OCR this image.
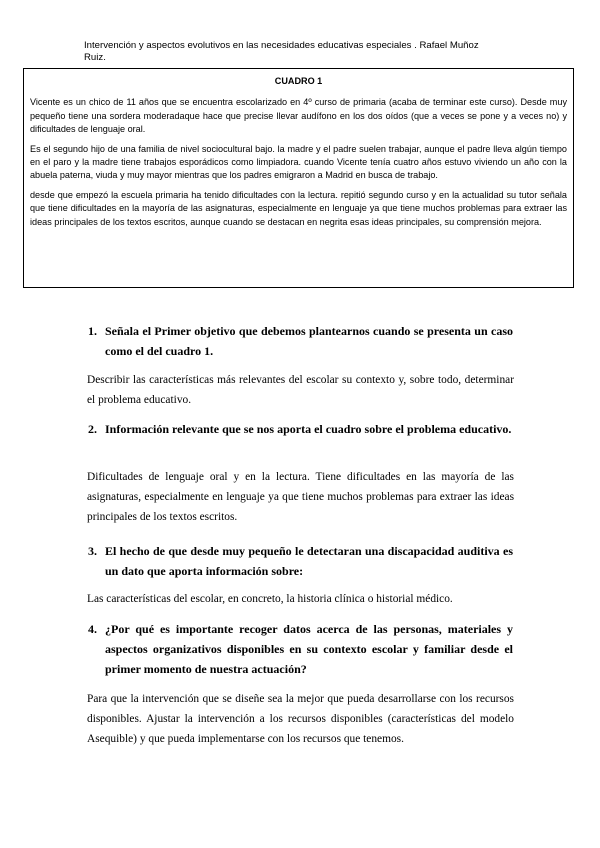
Intervención y aspectos evolutivos en las necesidades educativas especiales . Rafael Muñoz
Ruiz.
CUADRO 1

Vicente es un chico de 11 años que se encuentra escolarizado en 4º curso de primaria (acaba de terminar este curso). Desde muy pequeño tiene una sordera moderadaque hace que precise llevar audífono en los dos oídos (que a veces se pone y a veces no) y dificultades de lenguaje oral.

Es el segundo hijo de una familia de nivel sociocultural bajo. la madre y el padre suelen trabajar, aunque el padre lleva algún tiempo en el paro y la madre tiene trabajos esporádicos como limpiadora. cuando Vicente tenía cuatro años estuvo viviendo un año con la abuela paterna, viuda y muy mayor mientras que los padres emigraron a Madrid en busca de trabajo.

desde que empezó la escuela primaria ha tenido dificultades con la lectura. repitió segundo curso y en la actualidad su tutor señala que tiene dificultades en la mayoría de las asignaturas, especialmente en lenguaje ya que tiene muchos problemas para extraer las ideas principales de los textos escritos, aunque cuando se destacan en negrita esas ideas principales, su comprensión mejora.

1. Señala el Primer objetivo que debemos plantearnos cuando se presenta un caso como el del cuadro 1.
Describir las características más relevantes del escolar su contexto y, sobre todo, determinar el problema educativo.
2. Información relevante que se nos aporta el cuadro sobre el problema educativo.
Dificultades de lenguaje oral y en la lectura. Tiene dificultades en las mayoría de las asignaturas, especialmente en lenguaje ya que tiene muchos problemas para extraer las ideas principales de los textos escritos.
3. El hecho de que desde muy pequeño le detectaran una discapacidad auditiva es un dato que aporta información sobre:
Las características del escolar, en concreto, la historia clínica o historial médico.
4. ¿Por qué es importante recoger datos acerca de las personas, materiales y aspectos organizativos disponibles en su contexto escolar y familiar desde el primer momento de nuestra actuación?
Para que la intervención que se diseñe sea la mejor que pueda desarrollarse con los recursos disponibles. Ajustar la intervención a los recursos disponibles (características del modelo Asequible) y que pueda implementarse con los recursos que tenemos.
